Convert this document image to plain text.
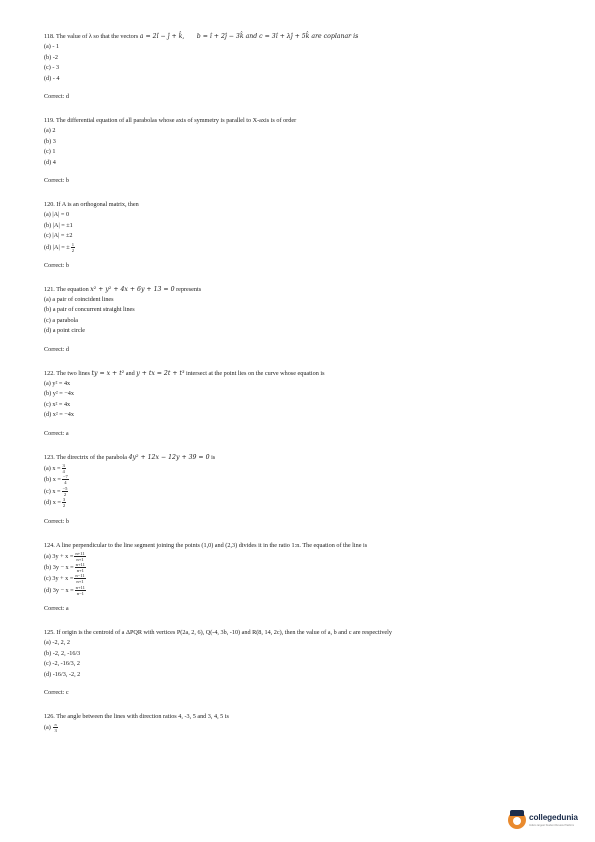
118. The value of λ so that the vectors a = 2î − ĵ + k̂, b = î + 2ĵ − 3k̂ and c = 3î + λĵ + 5k̂ are coplanar is
(a) - 1
(b) -2
(c) - 3
(d) - 4
Correct: d
119. The differential equation of all parabolas whose axis of symmetry is parallel to X-axis is of order
(a) 2
(b) 3
(c) 1
(d) 4
Correct: b
120. If A is an orthogonal matrix, then
(a) |A| = 0
(b) |A| = ±1
(c) |A| = ±2
(d) |A| = ± $\frac{1}{2}$
Correct: b
121. The equation x² + y² + 4x + 6y + 13 = 0 represents
(a) a pair of coincident lines
(b) a pair of concurrent straight lines
(c) a parabola
(d) a point circle
Correct: d
122. The two lines ty = x + t² and y + tx = 2t + t³ intersect at the point lies on the curve whose equation is
(a) y² = 4x
(b) y² = −4x
(c) x² = 4x
(d) x² = −4x
Correct: a
123. The directrix of the parabola 4y² + 12x − 12y + 39 = 0 is
(a) $x = \frac{3}{4}$
(b) $x = \frac{-7}{4}$
(c) $x = \frac{-5}{2}$
(d) $x = \frac{3}{2}$
Correct: b
124. A line perpendicular to the line segment joining the points (1,0) and (2,3) divides it in the ratio 1:n. The equation of the line is
(a) $3y + x = \frac{n+11}{n+1}$
(b) $3y - x = \frac{n+11}{n+1}$
(c) $3y + x = \frac{n-11}{n+1}$
(d) $3y - x = \frac{n+11}{n-1}$
Correct: a
125. If origin is the centroid of a ΔPQR with vertices P(2a, 2, 6), Q(-4, 3b, -10) and R(8, 14, 2c), then the value of a, b and c are respectively
(a) -2, 2, 2
(b) -2, 2, -16/3
(c) -2, -16/3, 2
(d) -16/3, -2, 2
Correct: c
126. The angle between the lines with direction ratios 4, -3, 5 and 3, 4, 5 is
$(a) \frac{\pi}{3}$
collegedunia
India's largest Student Review Platform
